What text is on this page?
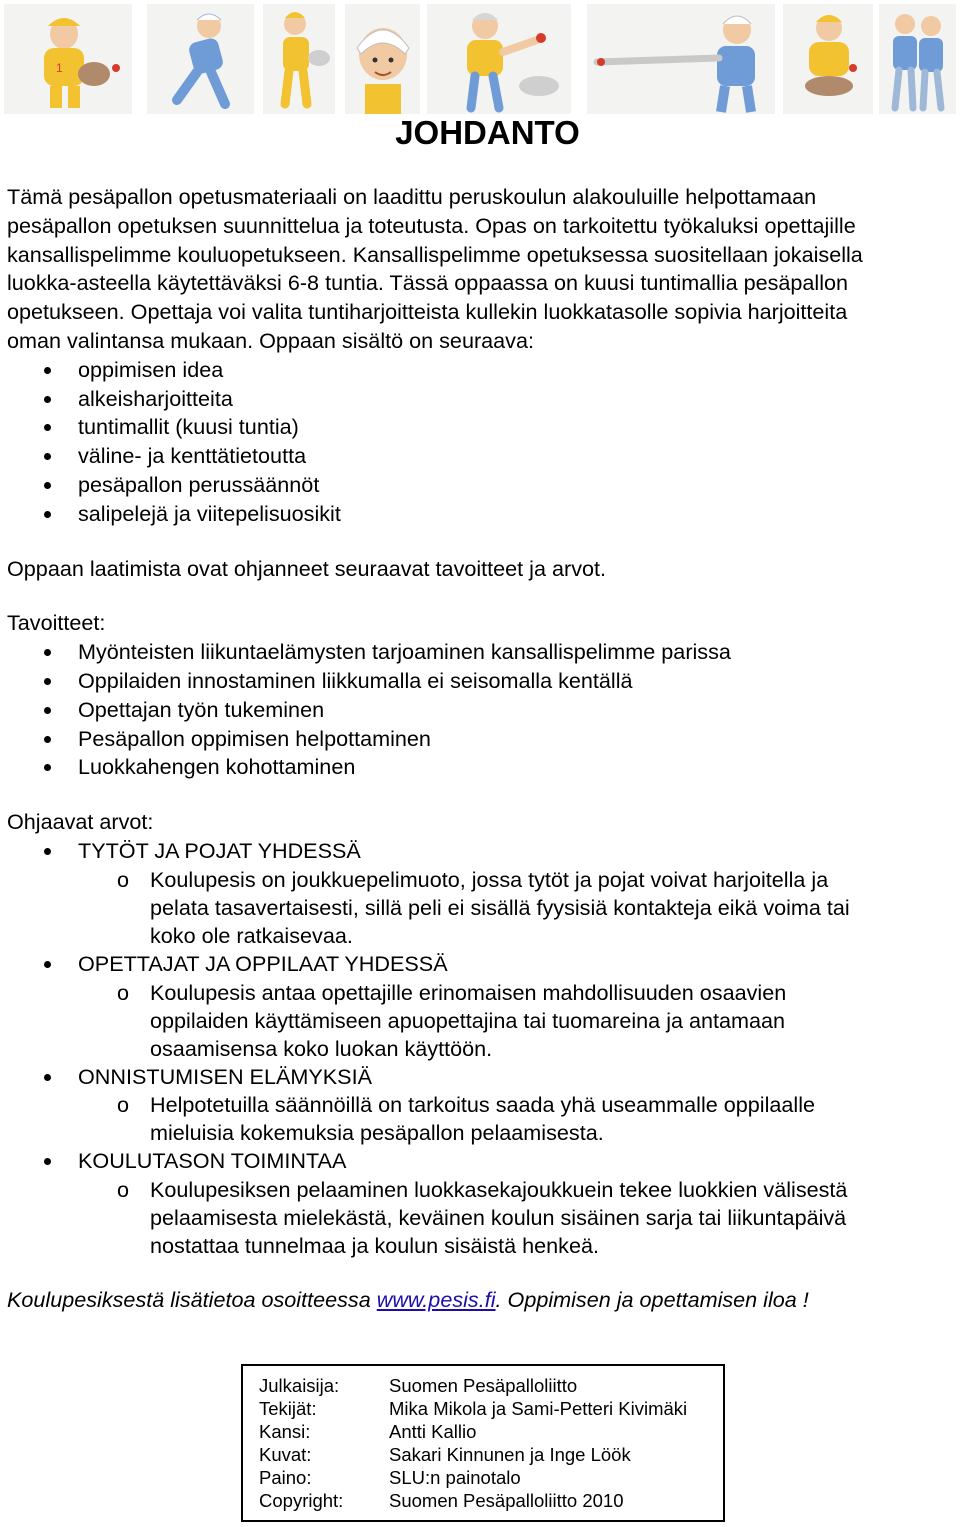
1
JOHDANTO

Tämä pesäpallon opetusmateriaali on laadittu peruskoulun alakouluille helpottamaan
pesäpallon opetuksen suunnittelua ja toteutusta. Opas on tarkoitettu työkaluksi opettajille
kansallispelimme kouluopetukseen. Kansallispelimme opetuksessa suositellaan jokaisella
luokka-asteella käytettäväksi 6-8 tuntia. Tässä oppaassa on kuusi tuntimallia pesäpallon
opetukseen. Opettaja voi valita tuntiharjoitteista kullekin luokkatasolle sopivia harjoitteita
oman valintansa mukaan. Oppaan sisältö on seuraava:

oppimisen idea
alkeisharjoitteita
tuntimallit (kuusi tuntia)
väline- ja kenttätietoutta
pesäpallon perussäännöt
salipelejä ja viitepelisuosikit

Oppaan laatimista ovat ohjanneet seuraavat tavoitteet ja arvot.

Tavoitteet:

Myönteisten liikuntaelämysten tarjoaminen kansallispelimme parissa
Oppilaiden innostaminen liikkumalla ei seisomalla kentällä
Opettajan työn tukeminen
Pesäpallon oppimisen helpottaminen
Luokkahengen kohottaminen

Ohjaavat arvot:

TYTÖT JA POJAT YHDESSÄ
o Koulupesis on joukkuepelimuoto, jossa tytöt ja pojat voivat harjoitella ja
pelata tasavertaisesti, sillä peli ei sisällä fyysisiä kontakteja eikä voima tai
koko ole ratkaisevaa.
OPETTAJAT JA OPPILAAT YHDESSÄ
o Koulupesis antaa opettajille erinomaisen mahdollisuuden osaavien
oppilaiden käyttämiseen apuopettajina tai tuomareina ja antamaan
osaamisensa koko luokan käyttöön.
ONNISTUMISEN ELÄMYKSIÄ
o Helpotetuilla säännöillä on tarkoitus saada yhä useammalle oppilaalle
mieluisia kokemuksia pesäpallon pelaamisesta.
KOULUTASON TOIMINTAA
o Koulupesiksen pelaaminen luokkasekajoukkuein tekee luokkien välisestä
pelaamisesta mielekästä, keväinen koulun sisäinen sarja tai liikuntapäivä
nostattaa tunnelmaa ja koulun sisäistä henkeä.

Koulupesiksestä lisätietoa osoitteessa www.pesis.fi. Oppimisen ja opettamisen iloa !

Julkaisija:	Suomen Pesäpalloliitto
Tekijät:	Mika Mikola ja Sami-Petteri Kivimäki
Kansi:	Antti Kallio
Kuvat:	Sakari Kinnunen ja Inge Löök
Paino:	SLU:n painotalo
Copyright:	Suomen Pesäpalloliitto 2010
